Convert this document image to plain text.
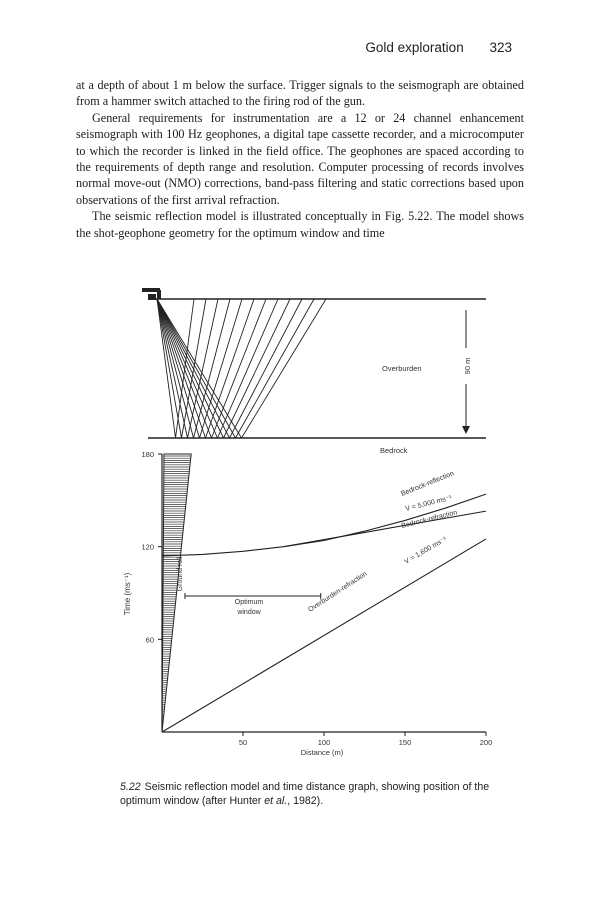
Gold exploration 323

at a depth of about 1 m below the surface. Trigger signals to the seismograph are obtained from a hammer switch attached to the firing rod of the gun.

General requirements for instrumentation are a 12 or 24 channel enhancement seismograph with 100 Hz geophones, a digital tape cassette recorder, and a microcomputer to which the recorder is linked in the field office. The geophones are spaced according to the requirements of depth range and resolution. Computer processing of records involves normal move-out (NMO) corrections, band-pass filtering and static corrections based upon observations of the first arrival refraction.

The seismic reflection model is illustrated conceptually in Fig. 5.22. The model shows the shot-geophone geometry for the optimum window and time

Overburden	90 m
Bedrock
60
120
180
50	100	150	200
Time (ms⁻¹)
Distance (m)
Ground roll
Optimum
window
Bedrock-reflection
V = 5,000 ms⁻¹
Bedrock-refraction
Overburden-refraction
V = 1,600 ms⁻¹
5.22 Seismic reflection model and time distance graph, showing position of the optimum window (after Hunter et al., 1982).
